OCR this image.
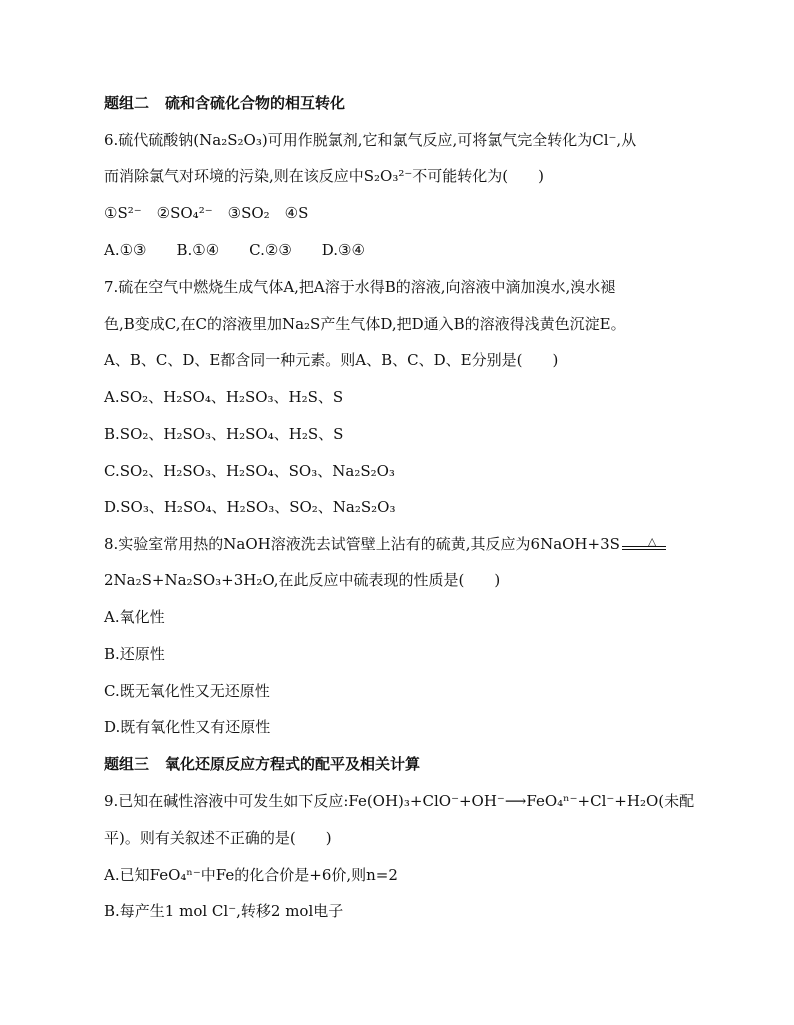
题组二 硫和含硫化合物的相互转化
6.硫代硫酸钠(Na₂S₂O₃)可用作脱氯剂,它和氯气反应,可将氯气完全转化为Cl⁻,从
而消除氯气对环境的污染,则在该反应中S₂O₃²⁻不可能转化为(　　)
①S²⁻　②SO₄²⁻　③SO₂　④S
A.①③　　B.①④　　C.②③　　D.③④
7.硫在空气中燃烧生成气体A,把A溶于水得B的溶液,向溶液中滴加溴水,溴水褪
色,B变成C,在C的溶液里加Na₂S产生气体D,把D通入B的溶液得浅黄色沉淀E。
A、B、C、D、E都含同一种元素。则A、B、C、D、E分别是(　　)
A.SO₂、H₂SO₄、H₂SO₃、H₂S、S
B.SO₂、H₂SO₃、H₂SO₄、H₂S、S
C.SO₂、H₂SO₃、H₂SO₄、SO₃、Na₂S₂O₃
D.SO₃、H₂SO₄、H₂SO₃、SO₂、Na₂S₂O₃
8.实验室常用热的NaOH溶液洗去试管壁上沾有的硫黄,其反应为6NaOH+3S	△
2Na₂S+Na₂SO₃+3H₂O,在此反应中硫表现的性质是(　　)
A.氧化性
B.还原性
C.既无氧化性又无还原性
D.既有氧化性又有还原性
题组三 氧化还原反应方程式的配平及相关计算
9.已知在碱性溶液中可发生如下反应:Fe(OH)₃+ClO⁻+OH⁻⟶FeO₄ⁿ⁻+Cl⁻+H₂O(未配
平)。则有关叙述不正确的是(　　)
A.已知FeO₄ⁿ⁻中Fe的化合价是+6价,则n=2
B.每产生1 mol Cl⁻,转移2 mol电子
